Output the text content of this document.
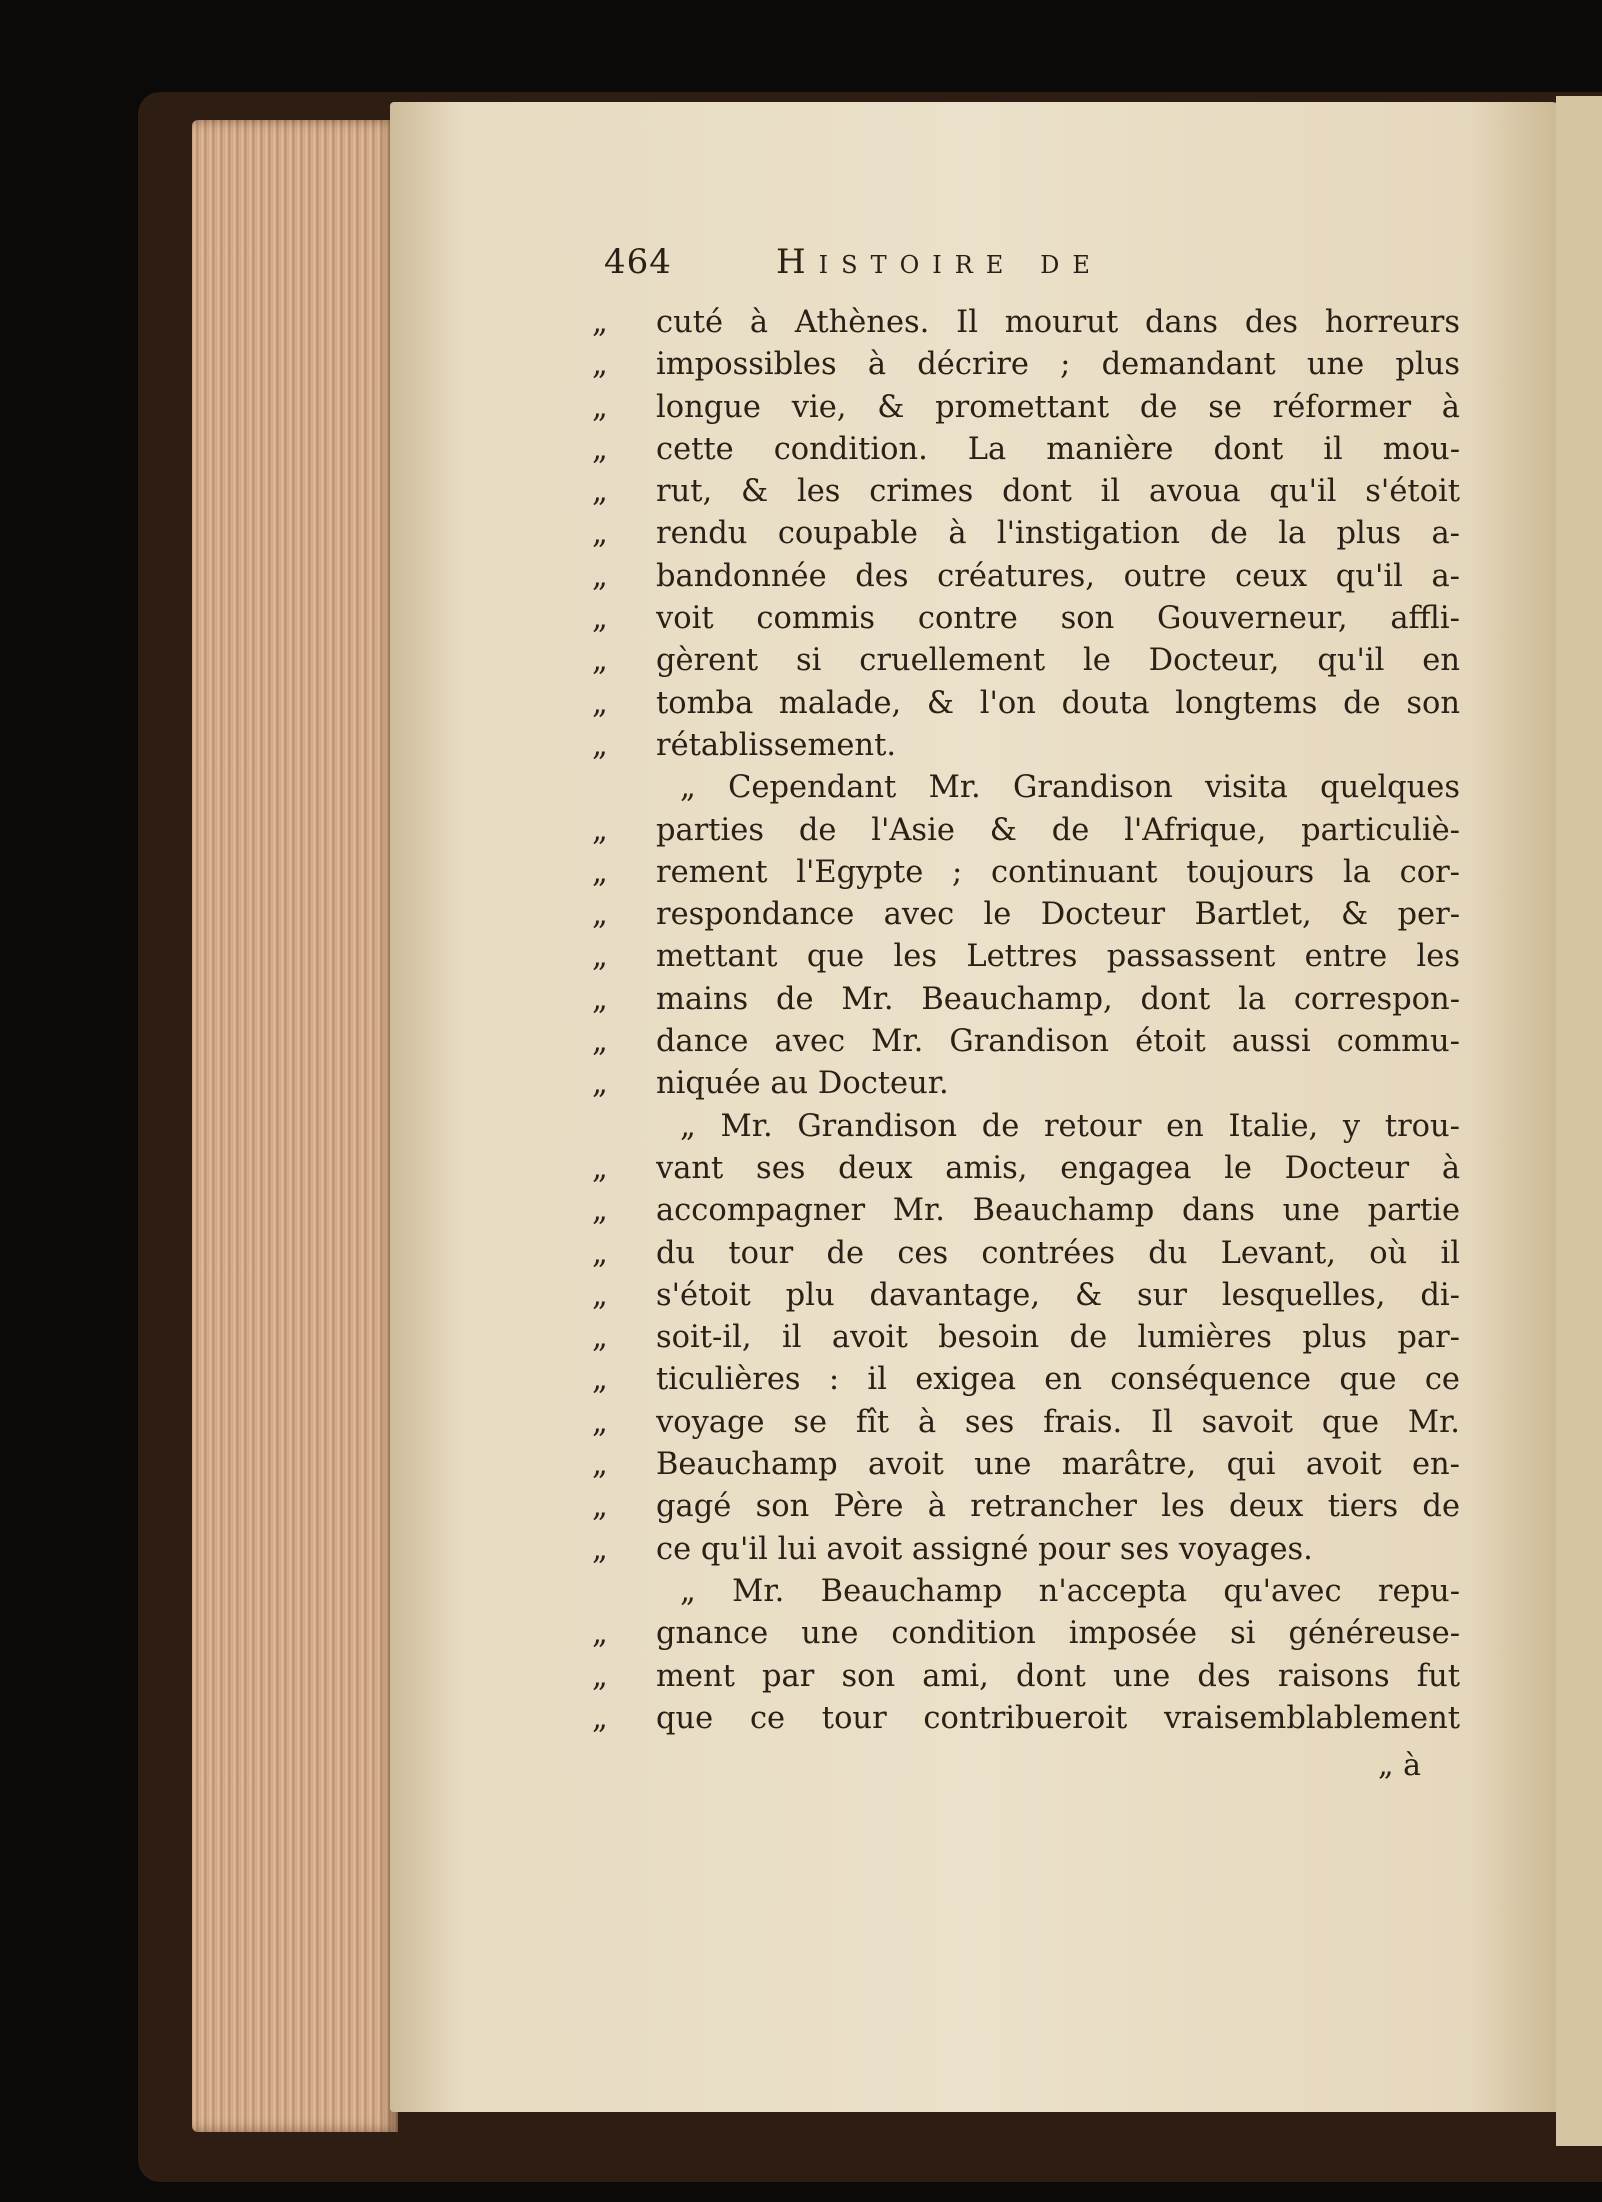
464	Histoire de
„	cuté à Athènes. Il mourut dans des horreurs
„	impossibles à décrire ; demandant une plus
„	longue vie, & promettant de se réformer à
„	cette condition. La manière dont il mou-
„	rut, & les crimes dont il avoua qu'il s'étoit
„	rendu coupable à l'instigation de la plus a-
„	bandonnée des créatures, outre ceux qu'il a-
„	voit commis contre son Gouverneur, affli-
„	gèrent si cruellement le Docteur, qu'il en
„	tomba malade, & l'on douta longtems de son
„	rétablissement.
„ Cependant Mr. Grandison visita quelques
„	parties de l'Asie & de l'Afrique, particuliè-
„	rement l'Egypte ; continuant toujours la cor-
„	respondance avec le Docteur Bartlet, & per-
„	mettant que les Lettres passassent entre les
„	mains de Mr. Beauchamp, dont la correspon-
„	dance avec Mr. Grandison étoit aussi commu-
„	niquée au Docteur.
„ Mr. Grandison de retour en Italie, y trou-
„	vant ses deux amis, engagea le Docteur à
„	accompagner Mr. Beauchamp dans une partie
„	du tour de ces contrées du Levant, où il
„	s'étoit plu davantage, & sur lesquelles, di-
„	soit-il, il avoit besoin de lumières plus par-
„	ticulières : il exigea en conséquence que ce
„	voyage se fît à ses frais. Il savoit que Mr.
„	Beauchamp avoit une marâtre, qui avoit en-
„	gagé son Père à retrancher les deux tiers de
„	ce qu'il lui avoit assigné pour ses voyages.
„ Mr. Beauchamp n'accepta qu'avec repu-
„	gnance une condition imposée si généreuse-
„	ment par son ami, dont une des raisons fut
„	que ce tour contribueroit vraisemblablement
„ à
